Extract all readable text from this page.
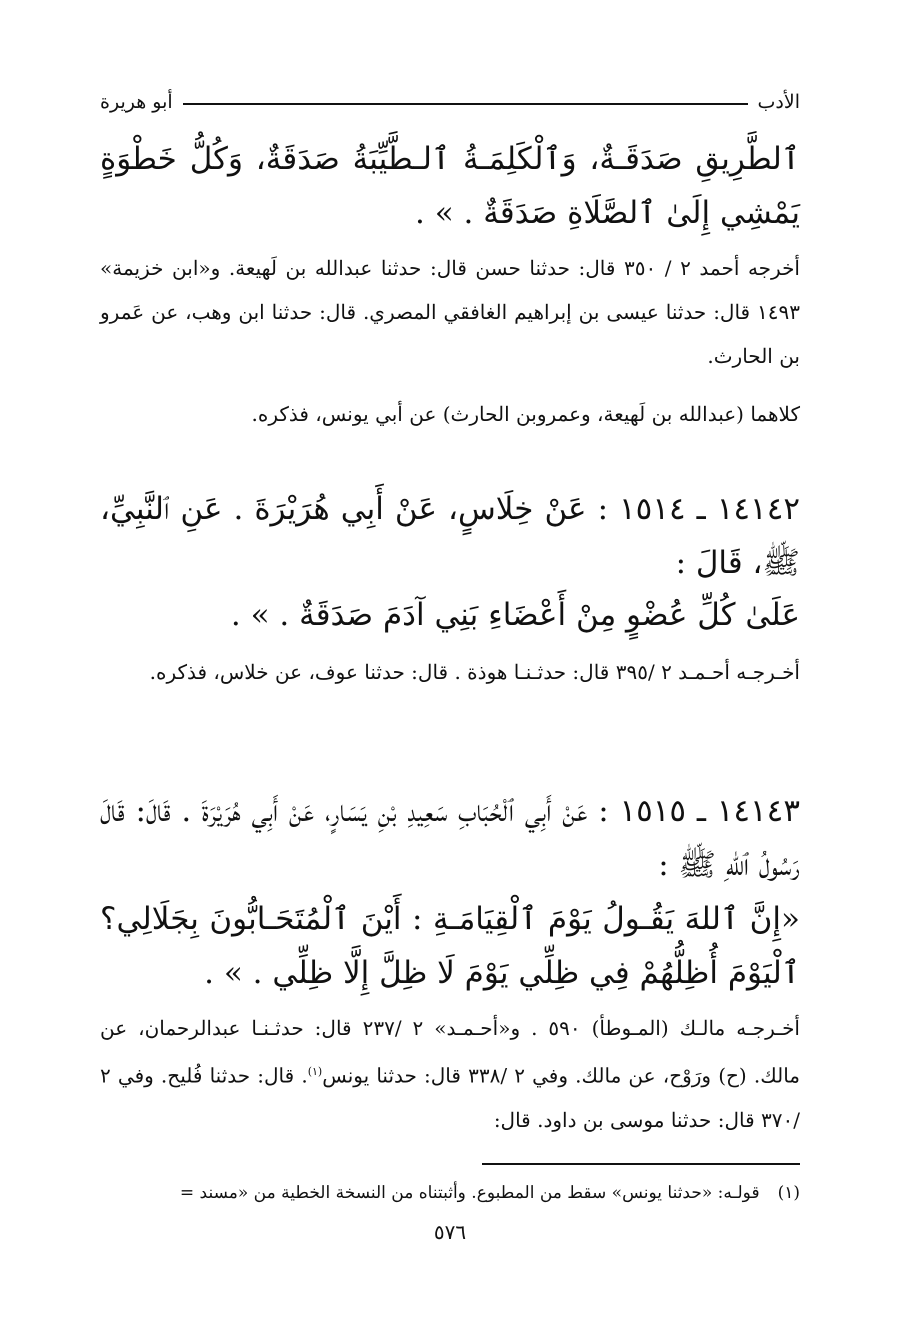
الأدب
أبو هريرة
ٱلطَّرِيقِ صَدَقَـةٌ، وَٱلْكَلِمَـةُ ٱلـطَّيِّبَةُ صَدَقَةٌ، وَكُلُّ خَطْوَةٍ يَمْشِي إِلَىٰ ٱلصَّلَاةِ صَدَقَةٌ . » .
أخرجه أحمد ٢ / ٣٥٠ قال: حدثنا حسن قال: حدثنا عبدالله بن لَهيعة. و«ابن خزيمة» ١٤٩٣ قال: حدثنا عيسى بن إبراهيم الغافقي المصري. قال: حدثنا ابن وهب، عن عَمرو بن الحارث.
كلاهما (عبدالله بن لَهيعة، وعمروبن الحارث) عن أبي يونس، فذكره.
١٤١٤٢ ـ ١٥١٤ : عَنْ خِلَاسٍ، عَنْ أَبِي هُرَيْرَةَ . عَنِ ٱلنَّبِيِّ، ﷺ، قَالَ :
عَلَىٰ كُلِّ عُضْوٍ مِنْ أَعْضَاءِ بَنِي آدَمَ صَدَقَةٌ . » .
أخـرجـه أحـمـد ٢ /٣٩٥ قال: حدثـنـا هوذة . قال: حدثنا عوف، عن خلاس، فذكره.
١٤١٤٣ ـ ١٥١٥ : عَنْ أَبِي ٱلْحُبَابِ سَعِيدِ بْنِ يَسَارٍ، عَنْ أَبِي هُرَيْرَةَ . قَالَ: قَالَ رَسُولُ ٱللهِ ﷺ :
«إِنَّ ٱللهَ يَقُـولُ يَوْمَ ٱلْقِيَامَـةِ : أَيْنَ ٱلْمُتَحَـابُّونَ بِجَلَالِي؟ ٱلْيَوْمَ أُظِلُّهُمْ فِي ظِلِّي يَوْمَ لَا ظِلَّ إِلَّا ظِلِّي . » .
أخـرجـه مالـك (المـوطأ) ٥٩٠ . و«أحـمـد» ٢ /٢٣٧ قال: حدثـنـا عبدالرحمان، عن مالك. (ح) ورَوْح، عن مالك. وفي ٢ /٣٣٨ قال: حدثنا يونس$^{(١)}$. قال: حدثنا فُليح. وفي ٢ /٣٧٠ قال: حدثنا موسى بن داود. قال:
(١)
قولـه: «حدثنا يونس» سقط من المطبوع. وأثبتناه من النسخة الخطية من «مسند =
٥٧٦
